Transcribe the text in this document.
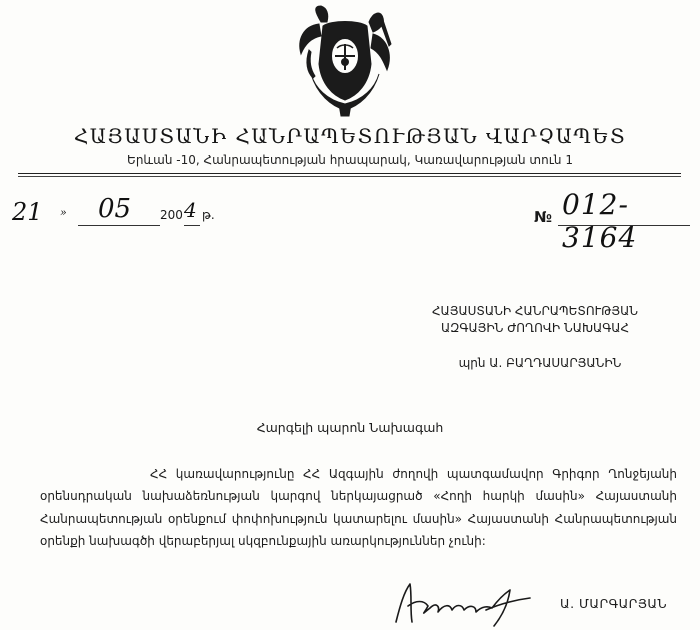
ՀԱՅԱՍՏԱՆԻ ՀԱՆՐԱՊԵՏՈՒԹՅԱՆ ՎԱՐՉԱՊԵՏ
Երևան -10, Հանրապետության հրապարակ, Կառավարության տուն 1
21 » 05 200 4 թ.	№ 012-3164
ՀԱՅԱՍՏԱՆԻ ՀԱՆՐԱՊԵՏՈՒԹՅԱՆ
ԱԶԳԱՅԻՆ ԺՈՂՈՎԻ ՆԱԽԱԳԱՀ
պրն Ա. ԲԱՂԴԱՍԱՐՅԱՆԻՆ
Հարգելի պարոն Նախագահ
ՀՀ կառավարությունը ՀՀ Ազգային ժողովի պատգամավոր Գրիգոր Ղոնջեյանի օրենսդրական նախաձեռնության կարգով ներկայացրած «Հողի հարկի մասին» Հայաստանի Հանրապետության օրենքում փոփոխություն կատարելու մասին» Հայաստանի Հանրապետության օրենքի նախագծի վերաբերյալ սկզբունքային առարկություններ չունի:
Ա. ՄԱՐԳԱՐՅԱՆ
